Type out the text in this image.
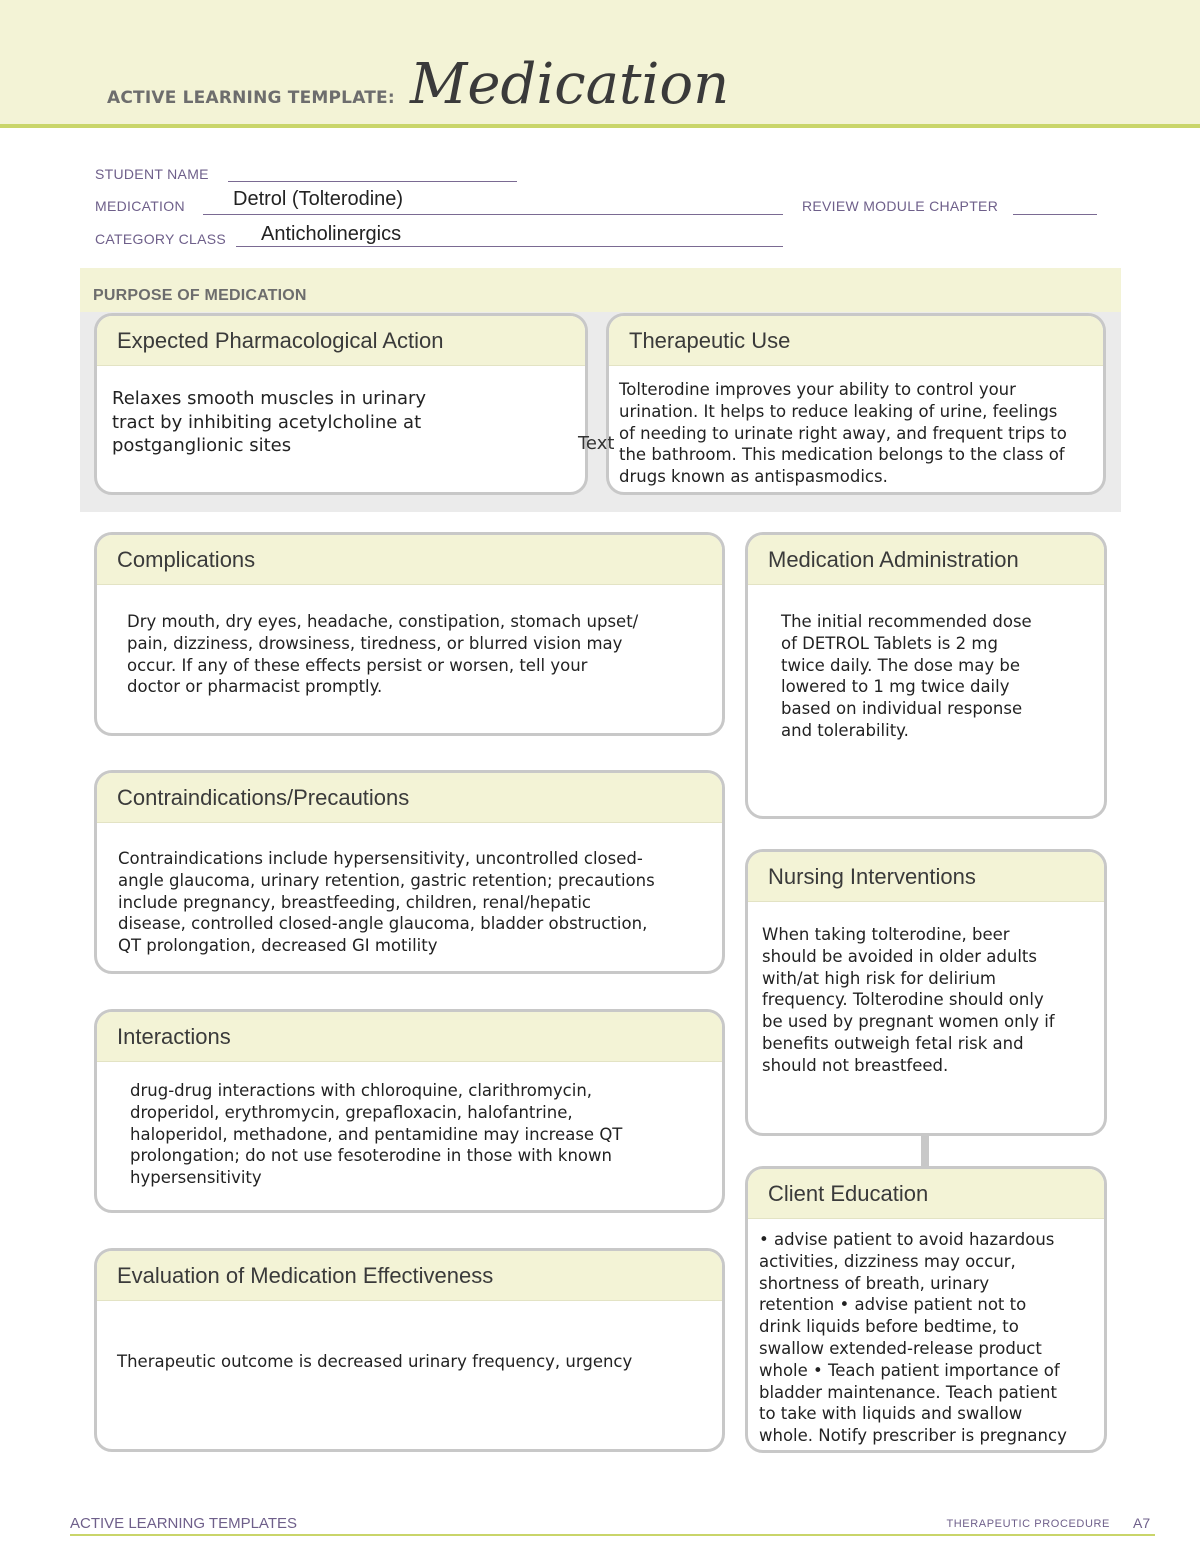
ACTIVE LEARNING TEMPLATE: Medication
STUDENT NAME
MEDICATION Detrol (Tolterodine)	REVIEW MODULE CHAPTER
CATEGORY CLASS Anticholinergics
PURPOSE OF MEDICATION
Expected Pharmacological Action
Relaxes smooth muscles in urinary
tract by inhibiting acetylcholine at
postganglionic sites
Therapeutic Use
Tolterodine improves your ability to control your
urination. It helps to reduce leaking of urine, feelings
of needing to urinate right away, and frequent trips to
the bathroom. This medication belongs to the class of
drugs known as antispasmodics.
Text
Complications
Dry mouth, dry eyes, headache, constipation, stomach upset/
pain, dizziness, drowsiness, tiredness, or blurred vision may
occur. If any of these effects persist or worsen, tell your
doctor or pharmacist promptly.
Contraindications/Precautions
Contraindications include hypersensitivity, uncontrolled closed-
angle glaucoma, urinary retention, gastric retention; precautions
include pregnancy, breastfeeding, children, renal/hepatic
disease, controlled closed-angle glaucoma, bladder obstruction,
QT prolongation, decreased GI motility
Interactions
drug-drug interactions with chloroquine, clarithromycin,
droperidol, erythromycin, grepafloxacin, halofantrine,
haloperidol, methadone, and pentamidine may increase QT
prolongation; do not use fesoterodine in those with known
hypersensitivity
Evaluation of Medication Effectiveness
Therapeutic outcome is decreased urinary frequency, urgency
Medication Administration
The initial recommended dose
of DETROL Tablets is 2 mg
twice daily. The dose may be
lowered to 1 mg twice daily
based on individual response
and tolerability.
Nursing Interventions
When taking tolterodine, beer
should be avoided in older adults
with/at high risk for delirium
frequency. Tolterodine should only
be used by pregnant women only if
benefits outweigh fetal risk and
should not breastfeed.
Client Education
• advise patient to avoid hazardous
activities, dizziness may occur,
shortness of breath, urinary
retention • advise patient not to
drink liquids before bedtime, to
swallow extended-release product
whole • Teach patient importance of
bladder maintenance. Teach patient
to take with liquids and swallow
whole. Notify prescriber is pregnancy
ACTIVE LEARNING TEMPLATES	THERAPEUTIC PROCEDURE A7
